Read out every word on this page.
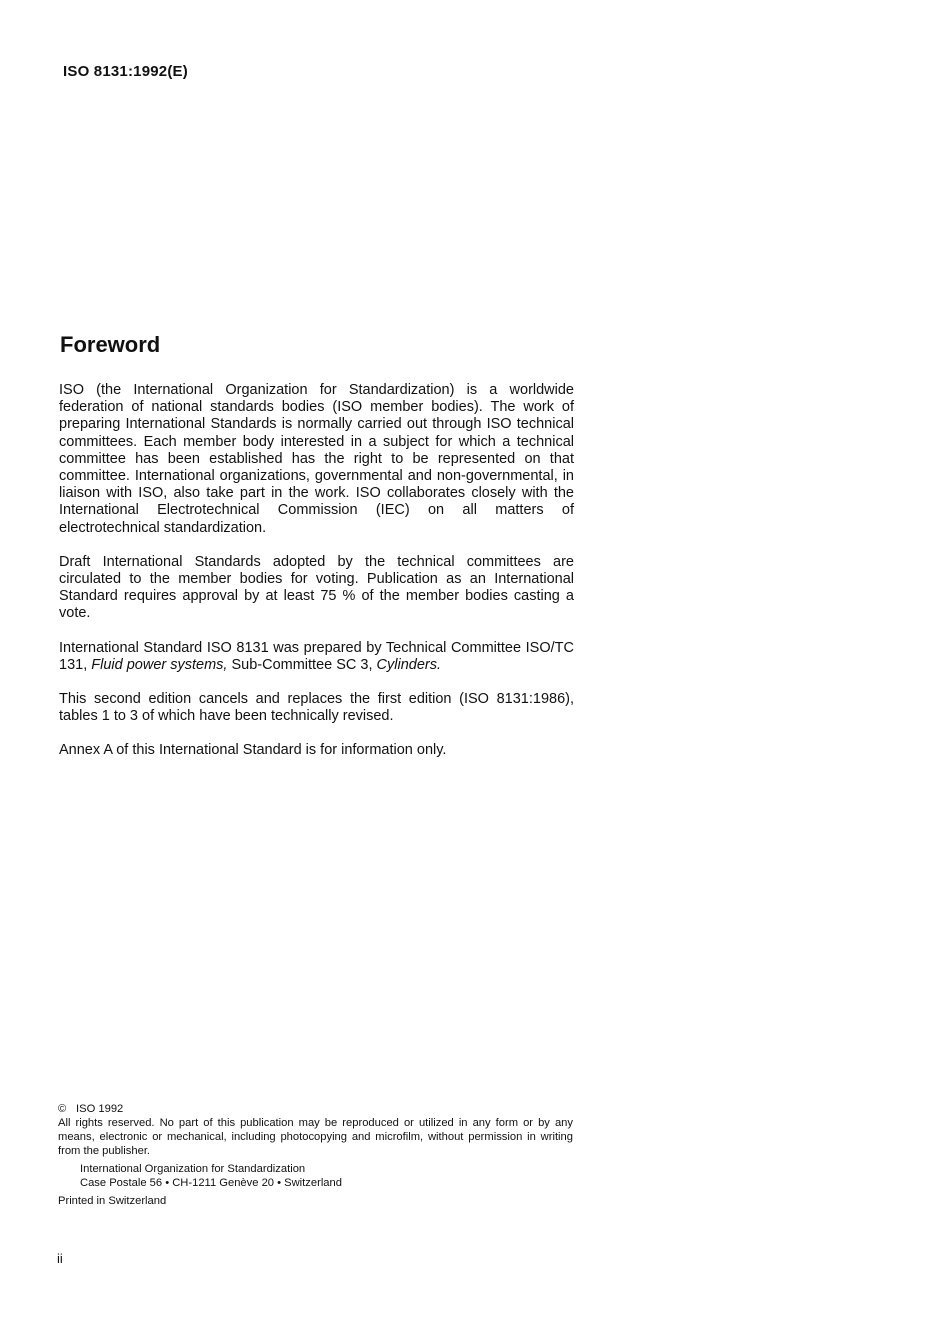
ISO 8131:1992(E)
Foreword

ISO (the International Organization for Standardization) is a worldwide federation of national standards bodies (ISO member bodies). The work of preparing International Standards is normally carried out through ISO technical committees. Each member body interested in a subject for which a technical committee has been established has the right to be represented on that committee. International organizations, governmental and non-governmental, in liaison with ISO, also take part in the work. ISO collaborates closely with the International Electrotechnical Commission (IEC) on all matters of electrotechnical standardization.

Draft International Standards adopted by the technical committees are circulated to the member bodies for voting. Publication as an International Standard requires approval by at least 75 % of the member bodies casting a vote.

International Standard ISO 8131 was prepared by Technical Committee ISO/TC 131, Fluid power systems, Sub-Committee SC 3, Cylinders.

This second edition cancels and replaces the first edition (ISO 8131:1986), tables 1 to 3 of which have been technically revised.

Annex A of this International Standard is for information only.

© ISO 1992
All rights reserved. No part of this publication may be reproduced or utilized in any form or by any means, electronic or mechanical, including photocopying and microfilm, without permission in writing from the publisher.
International Organization for Standardization
Case Postale 56 • CH-1211 Genève 20 • Switzerland
Printed in Switzerland
ii
